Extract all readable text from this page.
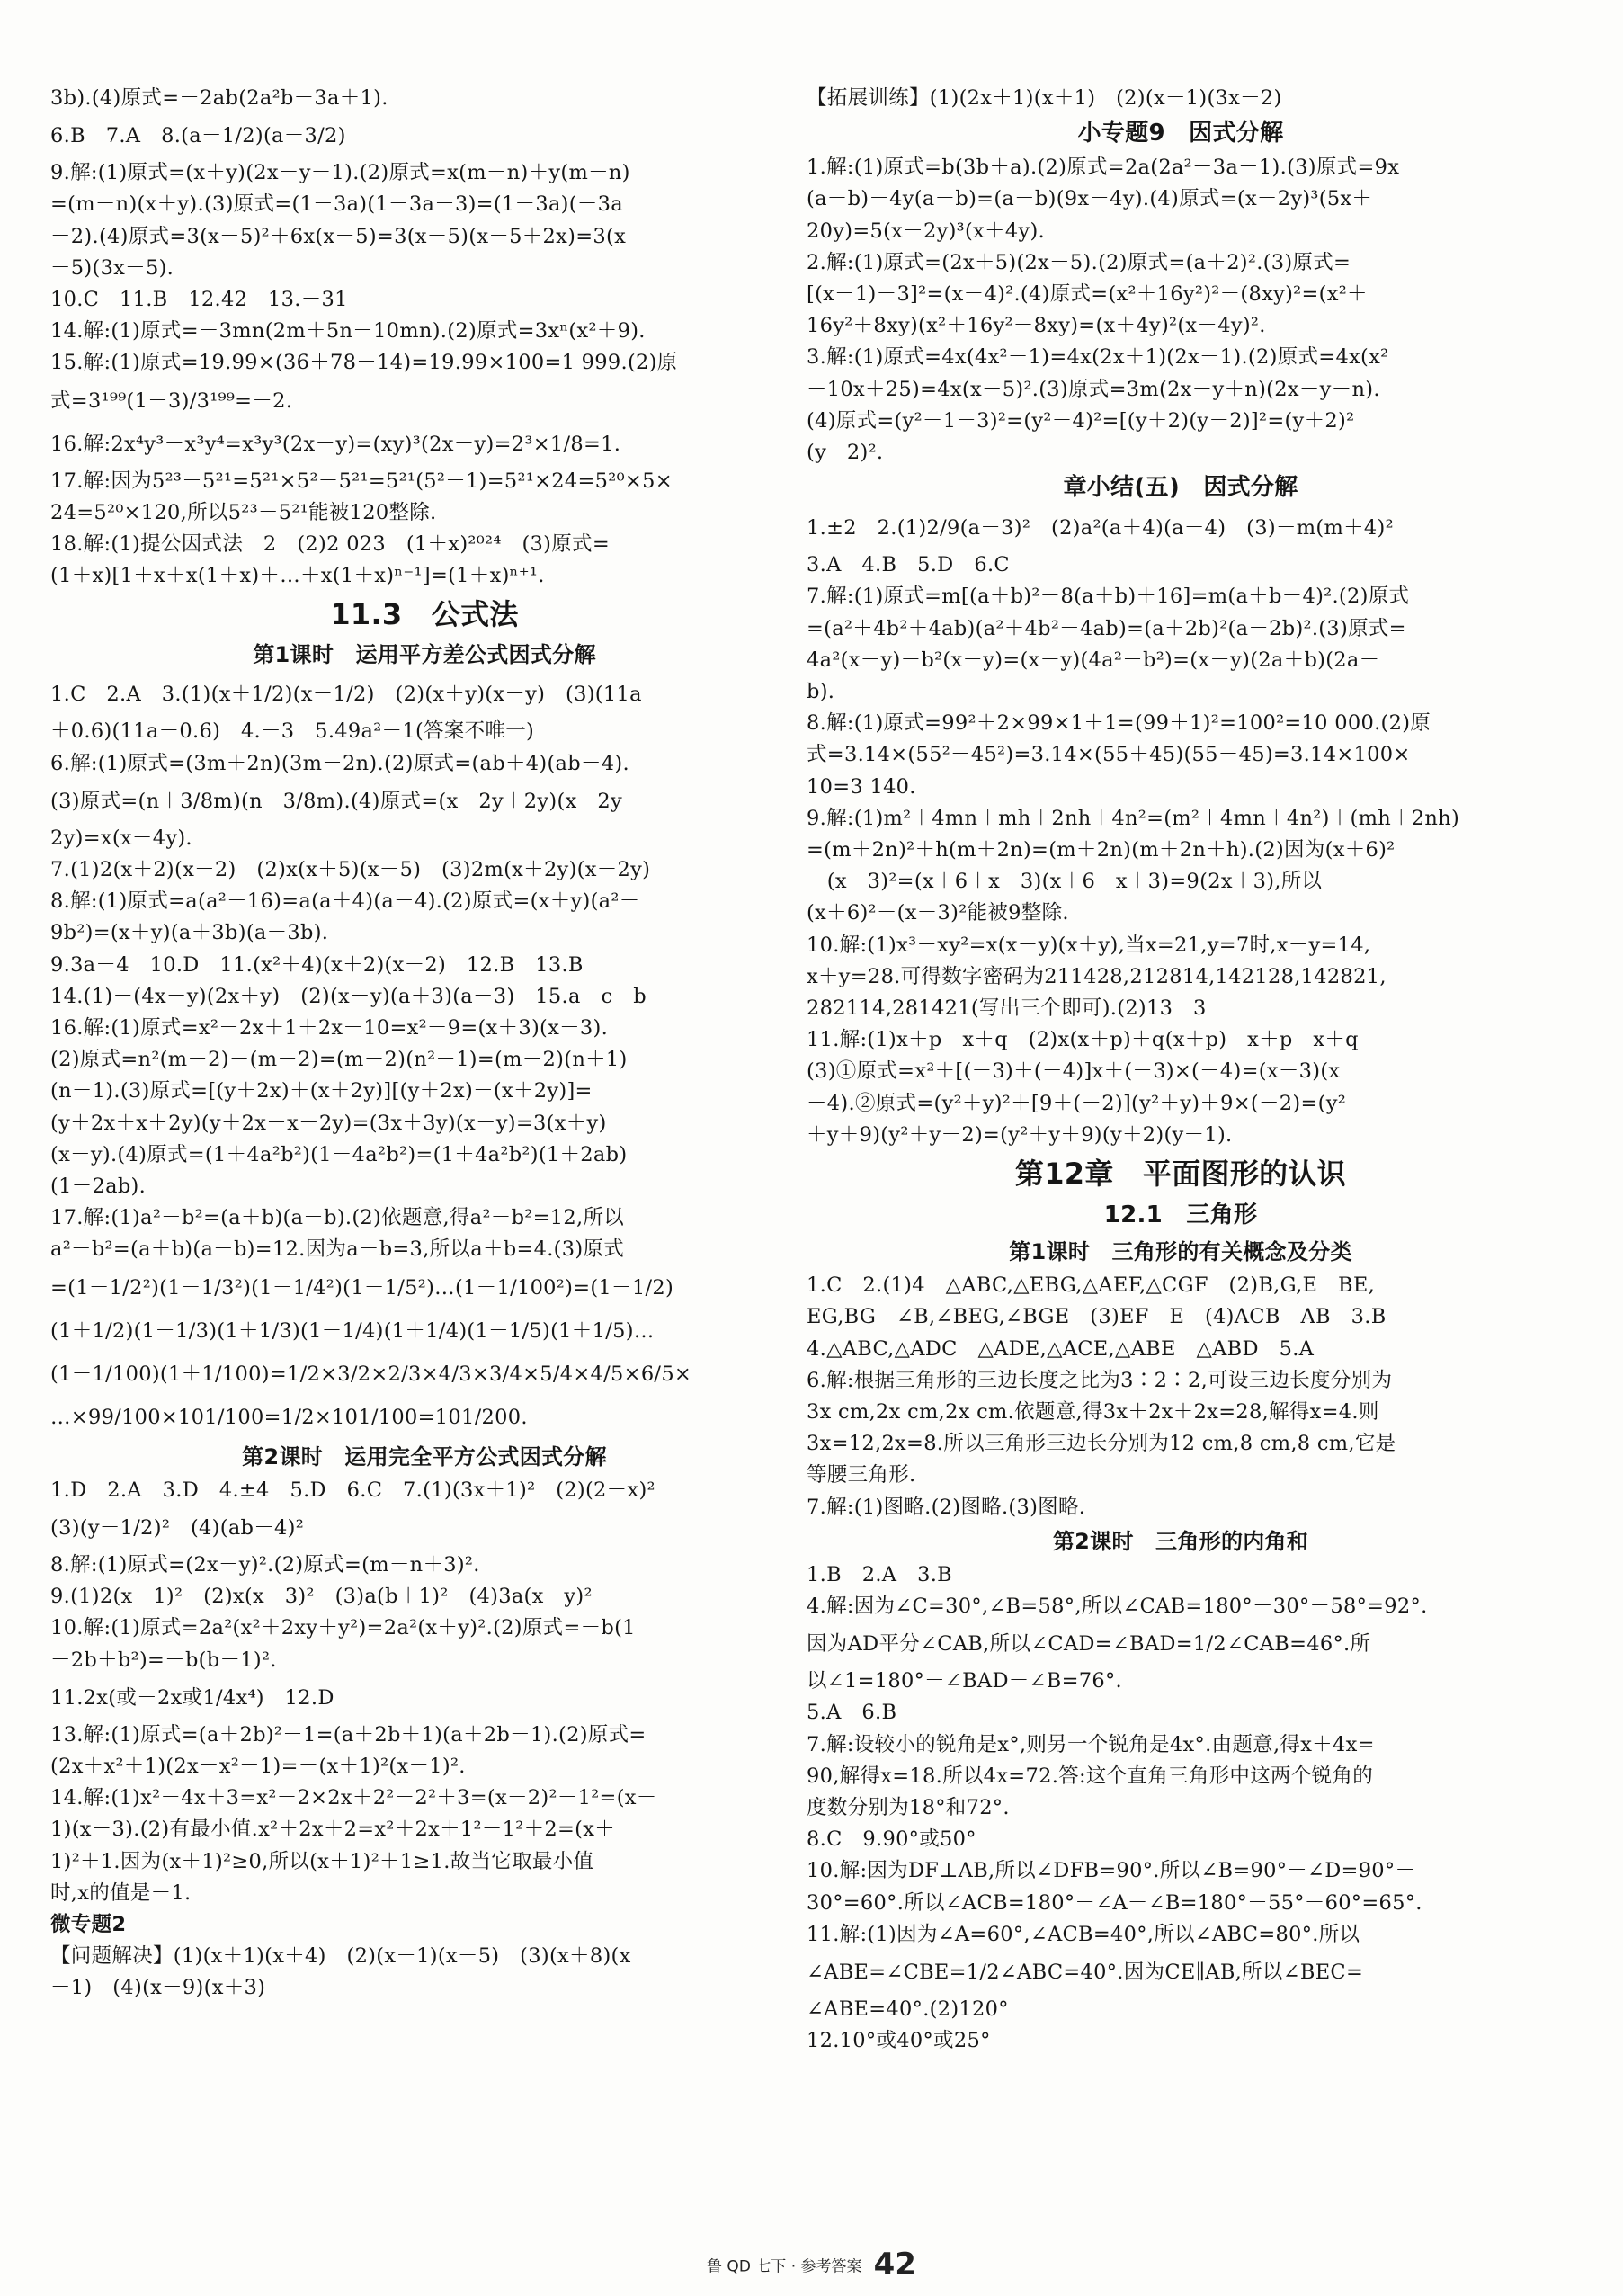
3b).(4)原式=－2ab(2a²b－3a＋1).

6.B　7.A　8.(a－1/2)(a－3/2)

9.解:(1)原式=(x＋y)(2x－y－1).(2)原式=x(m－n)＋y(m－n)

=(m－n)(x＋y).(3)原式=(1－3a)(1－3a－3)=(1－3a)(－3a

－2).(4)原式=3(x－5)²＋6x(x－5)=3(x－5)(x－5＋2x)=3(x

－5)(3x－5).

10.C　11.B　12.42　13.－31

14.解:(1)原式=－3mn(2m＋5n－10mn).(2)原式=3xⁿ(x²＋9).

15.解:(1)原式=19.99×(36＋78－14)=19.99×100=1 999.(2)原

式=3¹⁹⁹(1－3)/3¹⁹⁹=－2.

16.解:2x⁴y³－x³y⁴=x³y³(2x－y)=(xy)³(2x－y)=2³×1/8=1.

17.解:因为5²³－5²¹=5²¹×5²－5²¹=5²¹(5²－1)=5²¹×24=5²⁰×5×

24=5²⁰×120,所以5²³－5²¹能被120整除.

18.解:(1)提公因式法　2　(2)2 023　(1＋x)²⁰²⁴　(3)原式=

(1＋x)[1＋x＋x(1＋x)＋…＋x(1＋x)ⁿ⁻¹]=(1＋x)ⁿ⁺¹.

11.3　公式法

第1课时　运用平方差公式因式分解

1.C　2.A　3.(1)(x＋1/2)(x－1/2)　(2)(x＋y)(x－y)　(3)(11a

＋0.6)(11a－0.6)　4.－3　5.49a²－1(答案不唯一)

6.解:(1)原式=(3m＋2n)(3m－2n).(2)原式=(ab＋4)(ab－4).

(3)原式=(n＋3/8m)(n－3/8m).(4)原式=(x－2y＋2y)(x－2y－

2y)=x(x－4y).

7.(1)2(x＋2)(x－2)　(2)x(x＋5)(x－5)　(3)2m(x＋2y)(x－2y)

8.解:(1)原式=a(a²－16)=a(a＋4)(a－4).(2)原式=(x＋y)(a²－

9b²)=(x＋y)(a＋3b)(a－3b).

9.3a－4　10.D　11.(x²＋4)(x＋2)(x－2)　12.B　13.B

14.(1)－(4x－y)(2x＋y)　(2)(x－y)(a＋3)(a－3)　15.a　c　b

16.解:(1)原式=x²－2x＋1＋2x－10=x²－9=(x＋3)(x－3).

(2)原式=n²(m－2)－(m－2)=(m－2)(n²－1)=(m－2)(n＋1)

(n－1).(3)原式=[(y＋2x)＋(x＋2y)][(y＋2x)－(x＋2y)]=

(y＋2x＋x＋2y)(y＋2x－x－2y)=(3x＋3y)(x－y)=3(x＋y)

(x－y).(4)原式=(1＋4a²b²)(1－4a²b²)=(1＋4a²b²)(1＋2ab)

(1－2ab).

17.解:(1)a²－b²=(a＋b)(a－b).(2)依题意,得a²－b²=12,所以

a²－b²=(a＋b)(a－b)=12.因为a－b=3,所以a＋b=4.(3)原式

=(1－1/2²)(1－1/3²)(1－1/4²)(1－1/5²)…(1－1/100²)=(1－1/2)

(1＋1/2)(1－1/3)(1＋1/3)(1－1/4)(1＋1/4)(1－1/5)(1＋1/5)…

(1－1/100)(1＋1/100)=1/2×3/2×2/3×4/3×3/4×5/4×4/5×6/5×

…×99/100×101/100=1/2×101/100=101/200.

第2课时　运用完全平方公式因式分解

1.D　2.A　3.D　4.±4　5.D　6.C　7.(1)(3x＋1)²　(2)(2－x)²

(3)(y－1/2)²　(4)(ab－4)²

8.解:(1)原式=(2x－y)².(2)原式=(m－n＋3)².

9.(1)2(x－1)²　(2)x(x－3)²　(3)a(b＋1)²　(4)3a(x－y)²

10.解:(1)原式=2a²(x²＋2xy＋y²)=2a²(x＋y)².(2)原式=－b(1

－2b＋b²)=－b(b－1)².

11.2x(或－2x或1/4x⁴)　12.D

13.解:(1)原式=(a＋2b)²－1=(a＋2b＋1)(a＋2b－1).(2)原式=

(2x＋x²＋1)(2x－x²－1)=－(x＋1)²(x－1)².

14.解:(1)x²－4x＋3=x²－2×2x＋2²－2²＋3=(x－2)²－1²=(x－

1)(x－3).(2)有最小值.x²＋2x＋2=x²＋2x＋1²－1²＋2=(x＋

1)²＋1.因为(x＋1)²≥0,所以(x＋1)²＋1≥1.故当它取最小值

时,x的值是－1.

微专题2

【问题解决】(1)(x＋1)(x＋4)　(2)(x－1)(x－5)　(3)(x＋8)(x

－1)　(4)(x－9)(x＋3)

【拓展训练】(1)(2x＋1)(x＋1)　(2)(x－1)(3x－2)

小专题9　因式分解

1.解:(1)原式=b(3b＋a).(2)原式=2a(2a²－3a－1).(3)原式=9x

(a－b)－4y(a－b)=(a－b)(9x－4y).(4)原式=(x－2y)³(5x＋

20y)=5(x－2y)³(x＋4y).

2.解:(1)原式=(2x＋5)(2x－5).(2)原式=(a＋2)².(3)原式=

[(x－1)－3]²=(x－4)².(4)原式=(x²＋16y²)²－(8xy)²=(x²＋

16y²＋8xy)(x²＋16y²－8xy)=(x＋4y)²(x－4y)².

3.解:(1)原式=4x(4x²－1)=4x(2x＋1)(2x－1).(2)原式=4x(x²

－10x＋25)=4x(x－5)².(3)原式=3m(2x－y＋n)(2x－y－n).

(4)原式=(y²－1－3)²=(y²－4)²=[(y＋2)(y－2)]²=(y＋2)²

(y－2)².

章小结(五)　因式分解

1.±2　2.(1)2/9(a－3)²　(2)a²(a＋4)(a－4)　(3)－m(m＋4)²

3.A　4.B　5.D　6.C

7.解:(1)原式=m[(a＋b)²－8(a＋b)＋16]=m(a＋b－4)².(2)原式

=(a²＋4b²＋4ab)(a²＋4b²－4ab)=(a＋2b)²(a－2b)².(3)原式=

4a²(x－y)－b²(x－y)=(x－y)(4a²－b²)=(x－y)(2a＋b)(2a－

b).

8.解:(1)原式=99²＋2×99×1＋1=(99＋1)²=100²=10 000.(2)原

式=3.14×(55²－45²)=3.14×(55＋45)(55－45)=3.14×100×

10=3 140.

9.解:(1)m²＋4mn＋mh＋2nh＋4n²=(m²＋4mn＋4n²)＋(mh＋2nh)

=(m＋2n)²＋h(m＋2n)=(m＋2n)(m＋2n＋h).(2)因为(x＋6)²

－(x－3)²=(x＋6＋x－3)(x＋6－x＋3)=9(2x＋3),所以

(x＋6)²－(x－3)²能被9整除.

10.解:(1)x³－xy²=x(x－y)(x＋y),当x=21,y=7时,x－y=14,

x＋y=28.可得数字密码为211428,212814,142128,142821,

282114,281421(写出三个即可).(2)13　3

11.解:(1)x＋p　x＋q　(2)x(x＋p)＋q(x＋p)　x＋p　x＋q

(3)①原式=x²＋[(－3)＋(－4)]x＋(－3)×(－4)=(x－3)(x

－4).②原式=(y²＋y)²＋[9＋(－2)](y²＋y)＋9×(－2)=(y²

＋y＋9)(y²＋y－2)=(y²＋y＋9)(y＋2)(y－1).

第12章　平面图形的认识

12.1　三角形

第1课时　三角形的有关概念及分类

1.C　2.(1)4　△ABC,△EBG,△AEF,△CGF　(2)B,G,E　BE,

EG,BG　∠B,∠BEG,∠BGE　(3)EF　E　(4)ACB　AB　3.B

4.△ABC,△ADC　△ADE,△ACE,△ABE　△ABD　5.A

6.解:根据三角形的三边长度之比为3∶2∶2,可设三边长度分别为

3x cm,2x cm,2x cm.依题意,得3x＋2x＋2x=28,解得x=4.则

3x=12,2x=8.所以三角形三边长分别为12 cm,8 cm,8 cm,它是

等腰三角形.

7.解:(1)图略.(2)图略.(3)图略.

第2课时　三角形的内角和

1.B　2.A　3.B

4.解:因为∠C=30°,∠B=58°,所以∠CAB=180°－30°－58°=92°.

因为AD平分∠CAB,所以∠CAD=∠BAD=1/2∠CAB=46°.所

以∠1=180°－∠BAD－∠B=76°.

5.A　6.B

7.解:设较小的锐角是x°,则另一个锐角是4x°.由题意,得x＋4x=

90,解得x=18.所以4x=72.答:这个直角三角形中这两个锐角的

度数分别为18°和72°.

8.C　9.90°或50°

10.解:因为DF⊥AB,所以∠DFB=90°.所以∠B=90°－∠D=90°－

30°=60°.所以∠ACB=180°－∠A－∠B=180°－55°－60°=65°.

11.解:(1)因为∠A=60°,∠ACB=40°,所以∠ABC=80°.所以

∠ABE=∠CBE=1/2∠ABC=40°.因为CE∥AB,所以∠BEC=

∠ABE=40°.(2)120°

12.10°或40°或25°

鲁 QD 七下 · 参考答案 42
